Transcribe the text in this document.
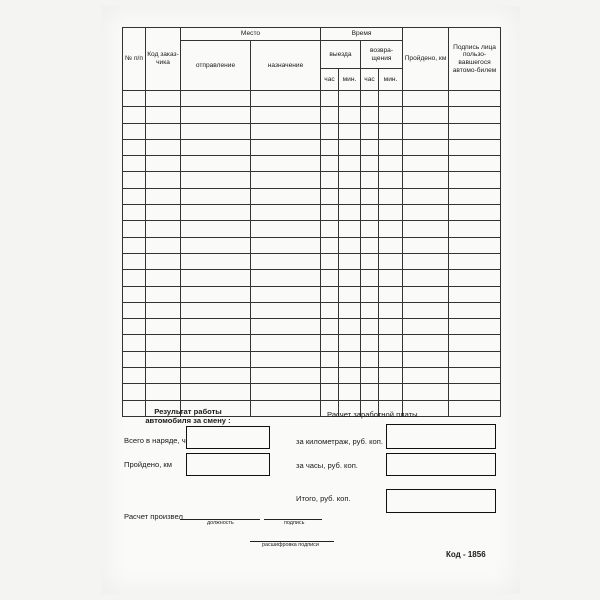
№ п/п	Код заказ-чика	Место		Время				Пройдено, км	Подпись лица пользо-вавшегося автомо-билем
		отправление	назначение	выезда		возвра-щения			
				час	мин.	час	мин.		

Результат работы автомобиля за смену :
Всего в наряде, ч
Пройдено, км
Расчет заработной платы
за километраж, руб. коп.
за часы, руб. коп.
Итого, руб. коп.
Расчет произвел
должность	подпись
расшифровка подписи
Код - 1856
